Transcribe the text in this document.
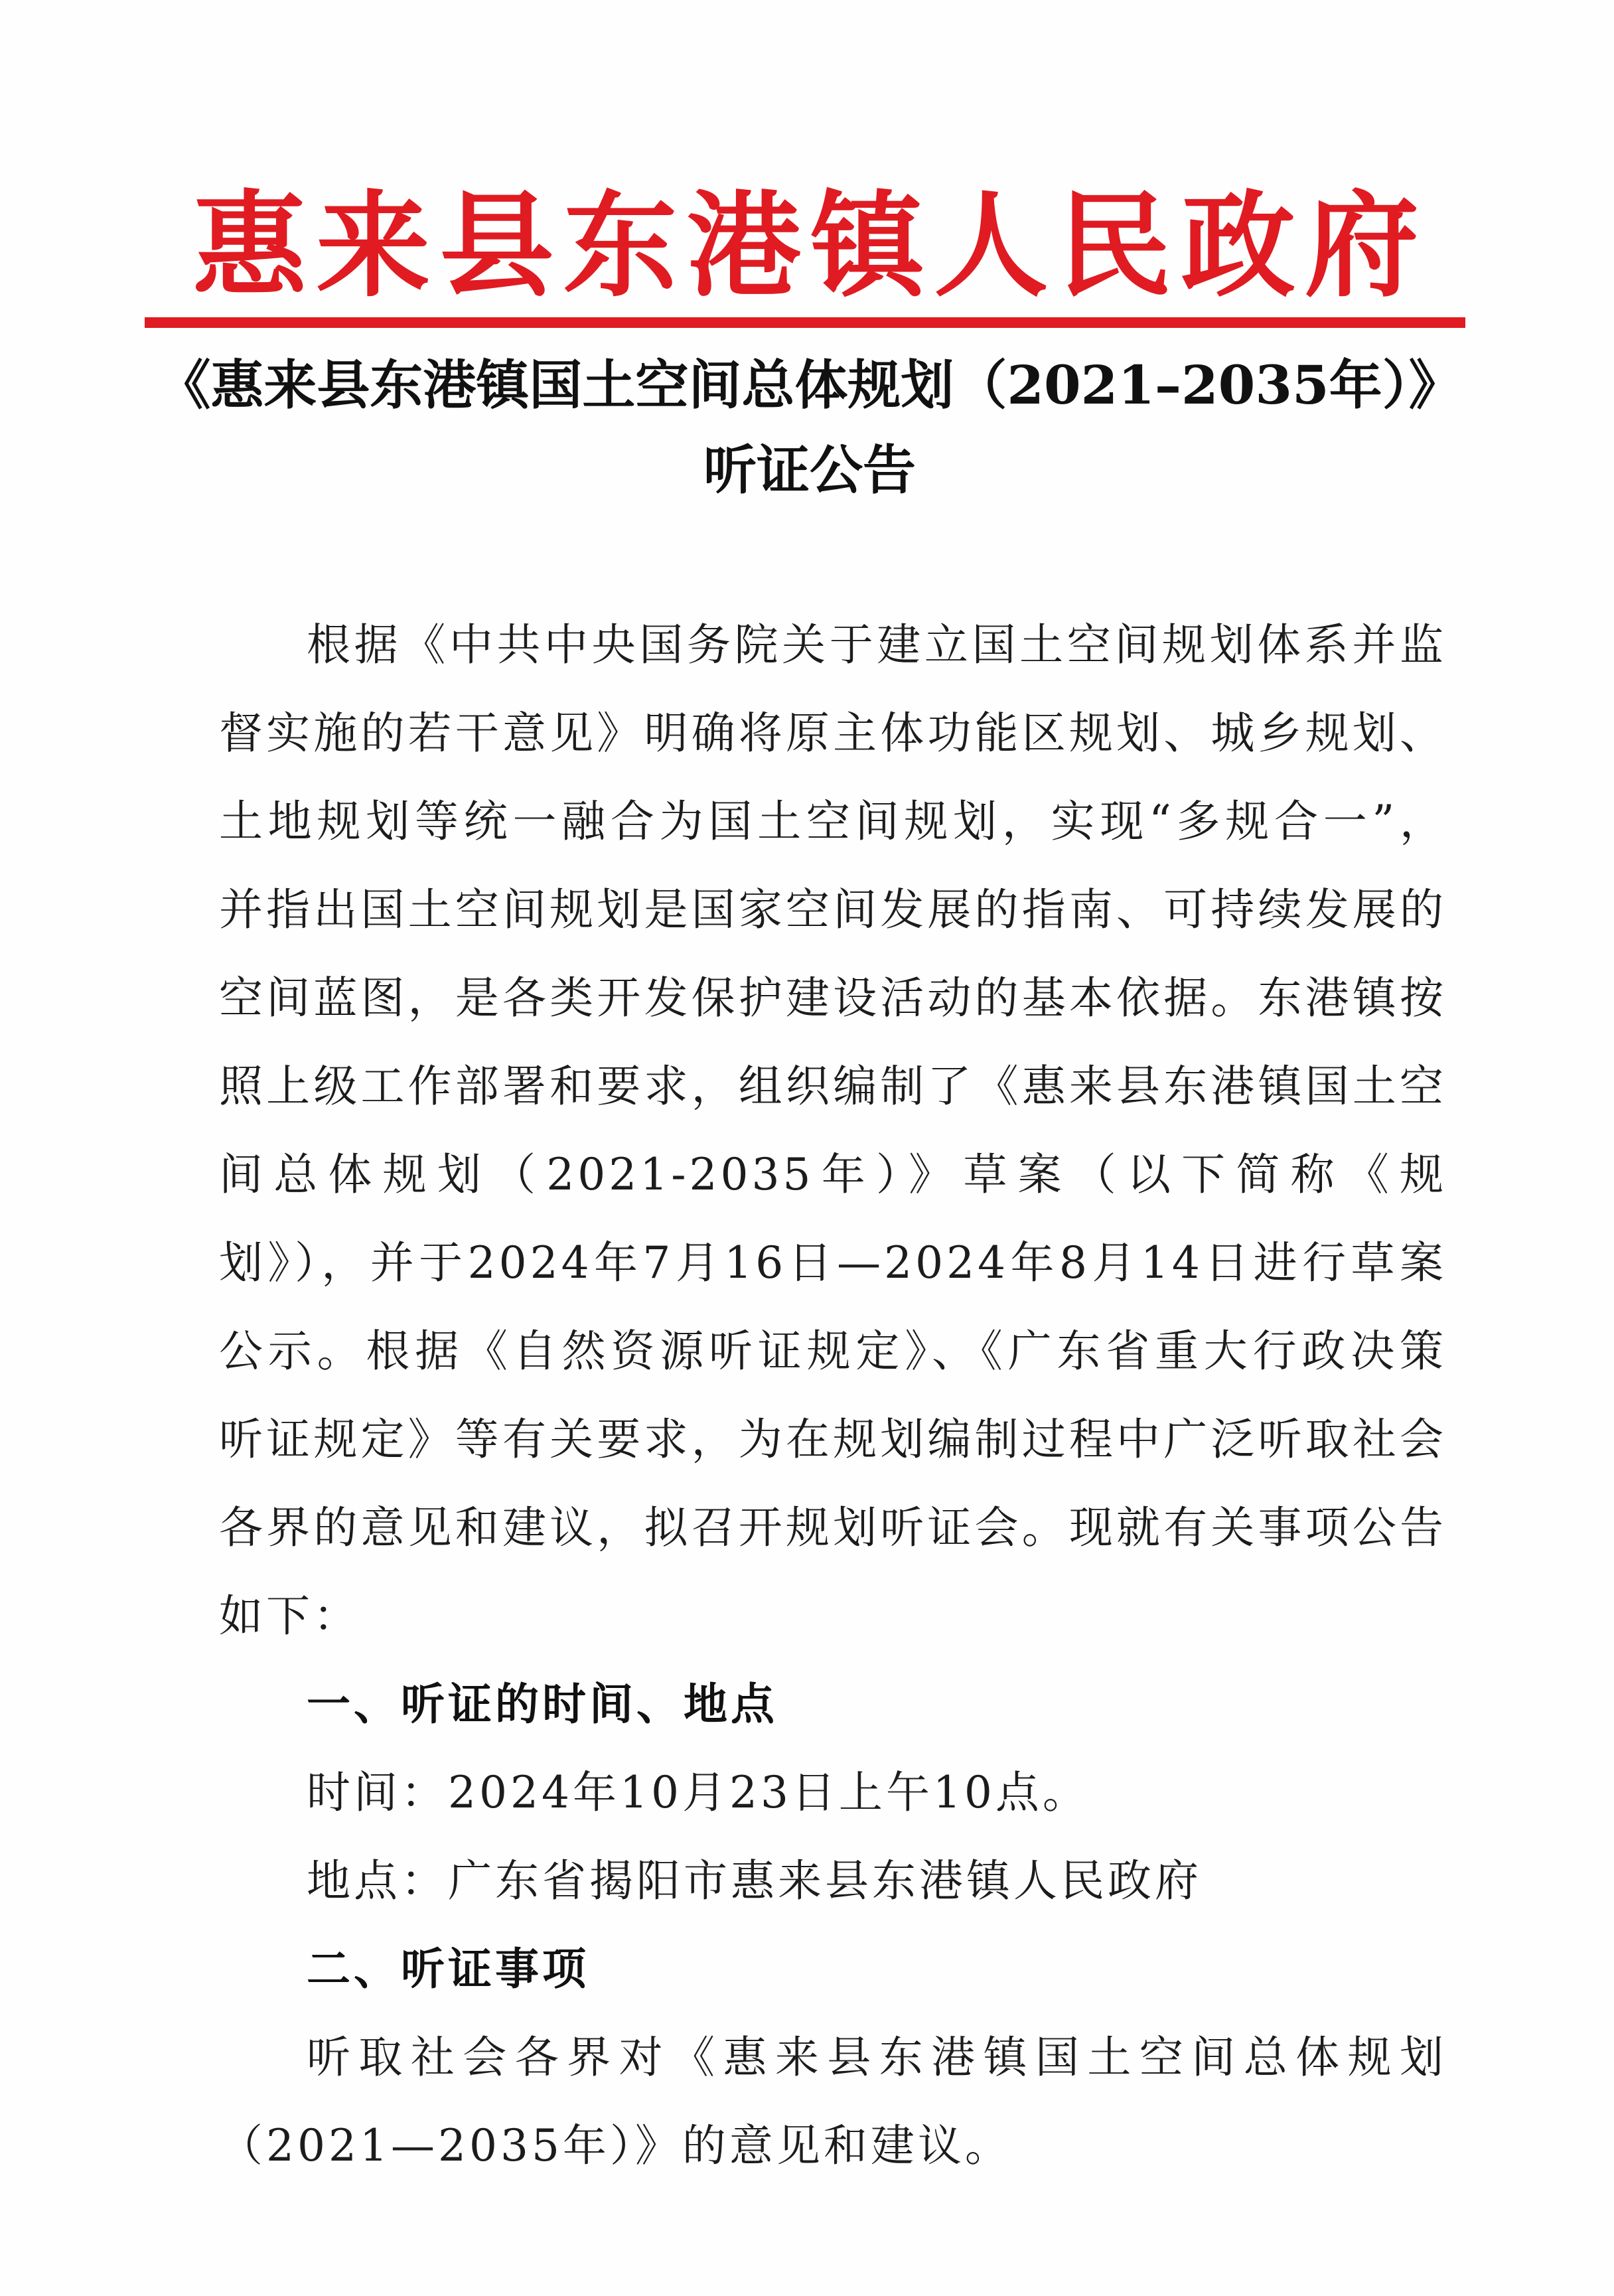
惠来县东港镇人民政府
《惠来县东港镇国土空间总体规划（2021–2035年）》
听证公告

根据《中共中央国务院关于建立国土空间规划体系并监督实施的若干意见》明确将原主体功能区规划、城乡规划、土地规划等统一融合为国土空间规划，实现“多规合一”，并指出国土空间规划是国家空间发展的指南、可持续发展的空间蓝图，是各类开发保护建设活动的基本依据。东港镇按照上级工作部署和要求，组织编制了《惠来县东港镇国土空间总体规划（2021-2035年）》草案（以下简称《规划》），并于2024年7月16日—2024年8月14日进行草案公示。根据《自然资源听证规定》、《广东省重大行政决策听证规定》等有关要求，为在规划编制过程中广泛听取社会各界的意见和建议，拟召开规划听证会。现就有关事项公告如下：

一、听证的时间、地点

时间：2024年10月23日上午10点。

地点：广东省揭阳市惠来县东港镇人民政府

二、听证事项

听取社会各界对《惠来县东港镇国土空间总体规划（2021—2035年）》的意见和建议。
